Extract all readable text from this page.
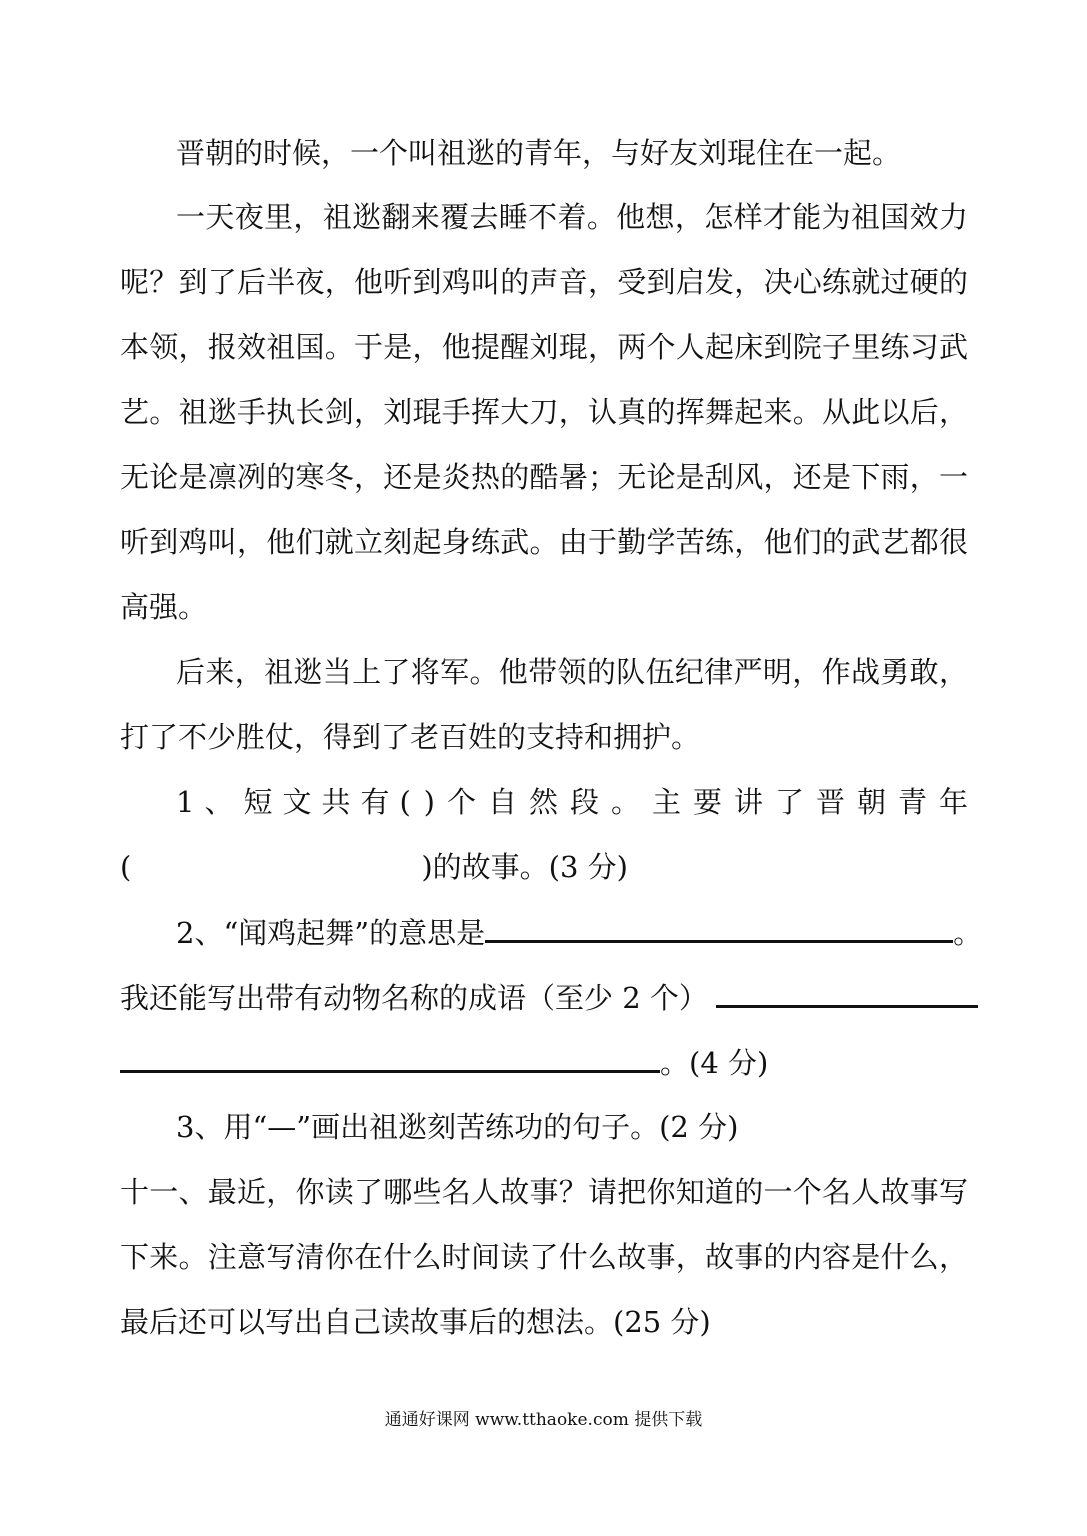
晋朝的时候，一个叫祖逖的青年，与好友刘琨住在一起。
一天夜里，祖逖翻来覆去睡不着。他想，怎样才能为祖国效力
呢？到了后半夜，他听到鸡叫的声音，受到启发，决心练就过硬的
本领，报效祖国。于是，他提醒刘琨，两个人起床到院子里练习武
艺。祖逖手执长剑，刘琨手挥大刀，认真的挥舞起来。从此以后，
无论是凛冽的寒冬，还是炎热的酷暑；无论是刮风，还是下雨，一
听到鸡叫，他们就立刻起身练武。由于勤学苦练，他们的武艺都很
高强。
后来，祖逖当上了将军。他带领的队伍纪律严明，作战勇敢，
打了不少胜仗，得到了老百姓的支持和拥护。
1、短文共有( )个自然段。主要讲了晋朝青年
(	)的故事。(3 分)
2、“闻鸡起舞”的意思是	。
我还能写出带有动物名称的成语（至少 2 个）
。(4 分)
3、用“—”画出祖逖刻苦练功的句子。(2 分)
十一、最近，你读了哪些名人故事？请把你知道的一个名人故事写
下来。注意写清你在什么时间读了什么故事，故事的内容是什么，
最后还可以写出自己读故事后的想法。(25 分)
通通好课网 www.tthaoke.com 提供下载
